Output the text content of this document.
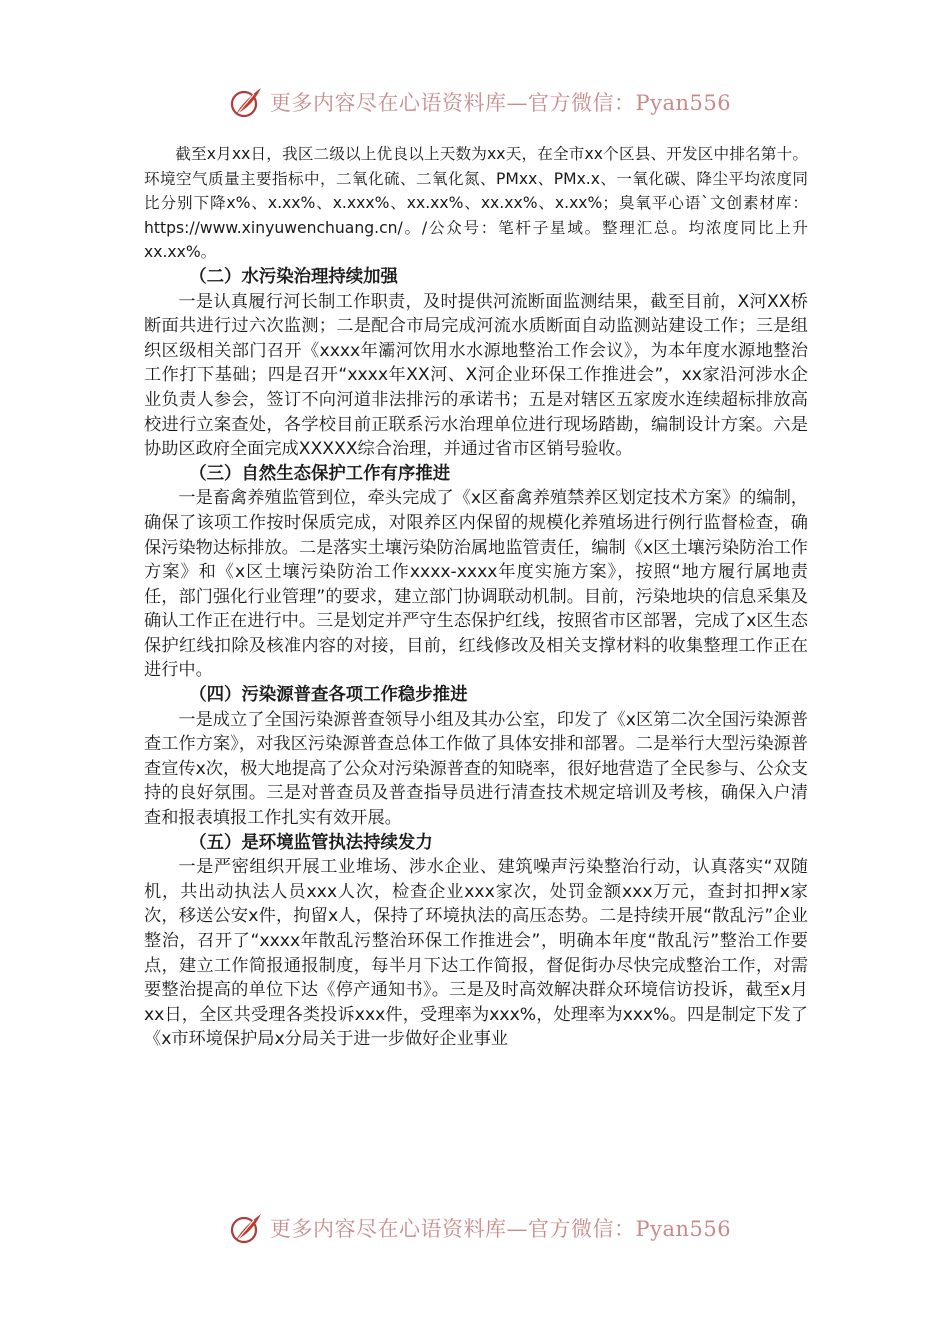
更多内容尽在心语资料库—官方微信：Pyan556

截至x月xx日，我区二级以上优良以上天数为xx天，在全市xx个区县、开发区中排名第十。环境空气质量主要指标中，二氧化硫、二氧化氮、PMxx、PMx.x、一氧化碳、降尘平均浓度同比分别下降x%、x.xx%、x.xxx%、xx.xx%、xx.xx%、x.xx%；臭氧平心语`文创素材库：https://www.xinyuwenchuang.cn/。/公众号：笔杆子星域。整理汇总。均浓度同比上升xx.xx%。

（二）水污染治理持续加强

一是认真履行河长制工作职责，及时提供河流断面监测结果，截至目前，X河XX桥断面共进行过六次监测；二是配合市局完成河流水质断面自动监测站建设工作；三是组织区级相关部门召开《xxxx年灞河饮用水水源地整治工作会议》，为本年度水源地整治工作打下基础；四是召开“xxxx年XX河、X河企业环保工作推进会”，xx家沿河涉水企业负责人参会，签订不向河道非法排污的承诺书；五是对辖区五家废水连续超标排放高校进行立案查处，各学校目前正联系污水治理单位进行现场踏勘，编制设计方案。六是协助区政府全面完成XXXXX综合治理，并通过省市区销号验收。

（三）自然生态保护工作有序推进

一是畜禽养殖监管到位，牵头完成了《x区畜禽养殖禁养区划定技术方案》的编制，确保了该项工作按时保质完成，对限养区内保留的规模化养殖场进行例行监督检查，确保污染物达标排放。二是落实土壤污染防治属地监管责任，编制《x区土壤污染防治工作方案》和《x区土壤污染防治工作xxxx-xxxx年度实施方案》，按照“地方履行属地责任，部门强化行业管理”的要求，建立部门协调联动机制。目前，污染地块的信息采集及确认工作正在进行中。三是划定并严守生态保护红线，按照省市区部署，完成了x区生态保护红线扣除及核准内容的对接，目前，红线修改及相关支撑材料的收集整理工作正在进行中。

（四）污染源普查各项工作稳步推进

一是成立了全国污染源普查领导小组及其办公室，印发了《x区第二次全国污染源普查工作方案》，对我区污染源普查总体工作做了具体安排和部署。二是举行大型污染源普查宣传x次，极大地提高了公众对污染源普查的知晓率，很好地营造了全民参与、公众支持的良好氛围。三是对普查员及普查指导员进行清查技术规定培训及考核，确保入户清查和报表填报工作扎实有效开展。

（五）是环境监管执法持续发力

一是严密组织开展工业堆场、涉水企业、建筑噪声污染整治行动，认真落实“双随机，共出动执法人员xxx人次，检查企业xxx家次，处罚金额xxx万元，查封扣押x家次，移送公安x件，拘留x人，保持了环境执法的高压态势。二是持续开展“散乱污”企业整治，召开了“xxxx年散乱污整治环保工作推进会”，明确本年度“散乱污”整治工作要点，建立工作简报通报制度，每半月下达工作简报，督促街办尽快完成整治工作，对需要整治提高的单位下达《停产通知书》。三是及时高效解决群众环境信访投诉，截至x月xx日，全区共受理各类投诉xxx件，受理率为xxx%，处理率为xxx%。四是制定下发了《x市环境保护局x分局关于进一步做好企业事业

更多内容尽在心语资料库—官方微信：Pyan556
